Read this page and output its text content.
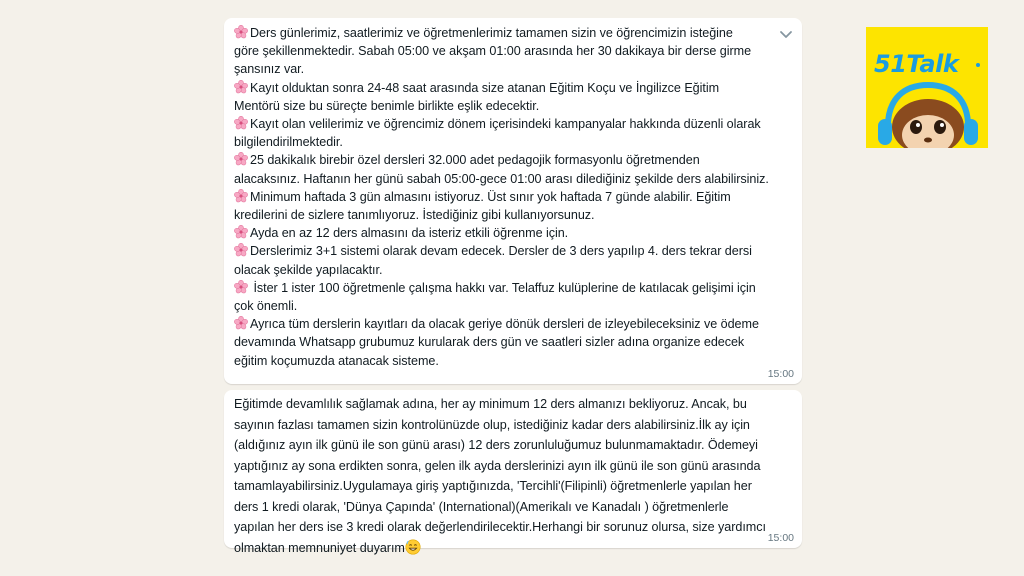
Ders günlerimiz, saatlerimiz ve öğretmenlerimiz tamamen sizin ve öğrencimizin isteğine
göre şekillenmektedir. Sabah 05:00 ve akşam 01:00 arasında her 30 dakikaya bir derse girme
şansınız var.
Kayıt olduktan sonra 24-48 saat arasında size atanan Eğitim Koçu ve İngilizce Eğitim
Mentörü size bu süreçte benimle birlikte eşlik edecektir.
Kayıt olan velilerimiz ve öğrencimiz dönem içerisindeki kampanyalar hakkında düzenli olarak
bilgilendirilmektedir.
25 dakikalık birebir özel dersleri 32.000 adet pedagojik formasyonlu öğretmenden
alacaksınız. Haftanın her günü sabah 05:00-gece 01:00 arası dilediğiniz şekilde ders alabilirsiniz.
Minimum haftada 3 gün almasını istiyoruz. Üst sınır yok haftada 7 günde alabilir. Eğitim
kredilerini de sizlere tanımlıyoruz. İstediğiniz gibi kullanıyorsunuz.
Ayda en az 12 ders almasını da isteriz etkili öğrenme için.
Derslerimiz 3+1 sistemi olarak devam edecek. Dersler de 3 ders yapılıp 4. ders tekrar dersi
olacak şekilde yapılacaktır.
İster 1 ister 100 öğretmenle çalışma hakkı var. Telaffuz kulüplerine de katılacak gelişimi için
çok önemli.
Ayrıca tüm derslerin kayıtları da olacak geriye dönük dersleri de izleyebileceksiniz ve ödeme
devamında Whatsapp grubumuz kurularak ders gün ve saatleri sizler adına organize edecek
eğitim koçumuzda atanacak sisteme.
15:00
Eğitimde devamlılık sağlamak adına, her ay minimum 12 ders almanızı bekliyoruz. Ancak, bu
sayının fazlası tamamen sizin kontrolünüzde olup, istediğiniz kadar ders alabilirsiniz.İlk ay için
(aldığınız ayın ilk günü ile son günü arası) 12 ders zorunluluğumuz bulunmamaktadır. Ödemeyi
yaptığınız ay sona erdikten sonra, gelen ilk ayda derslerinizi ayın ilk günü ile son günü arasında
tamamlayabilirsiniz.Uygulamaya giriş yaptığınızda, 'Tercihli'(Filipinli) öğretmenlerle yapılan her
ders 1 kredi olarak, 'Dünya Çapında' (International)(Amerikalı ve Kanadalı ) öğretmenlerle
yapılan her ders ise 3 kredi olarak değerlendirilecektir.Herhangi bir sorunuz olursa, size yardımcı
olmaktan memnuniyet duyarım
15:00
51Talk
